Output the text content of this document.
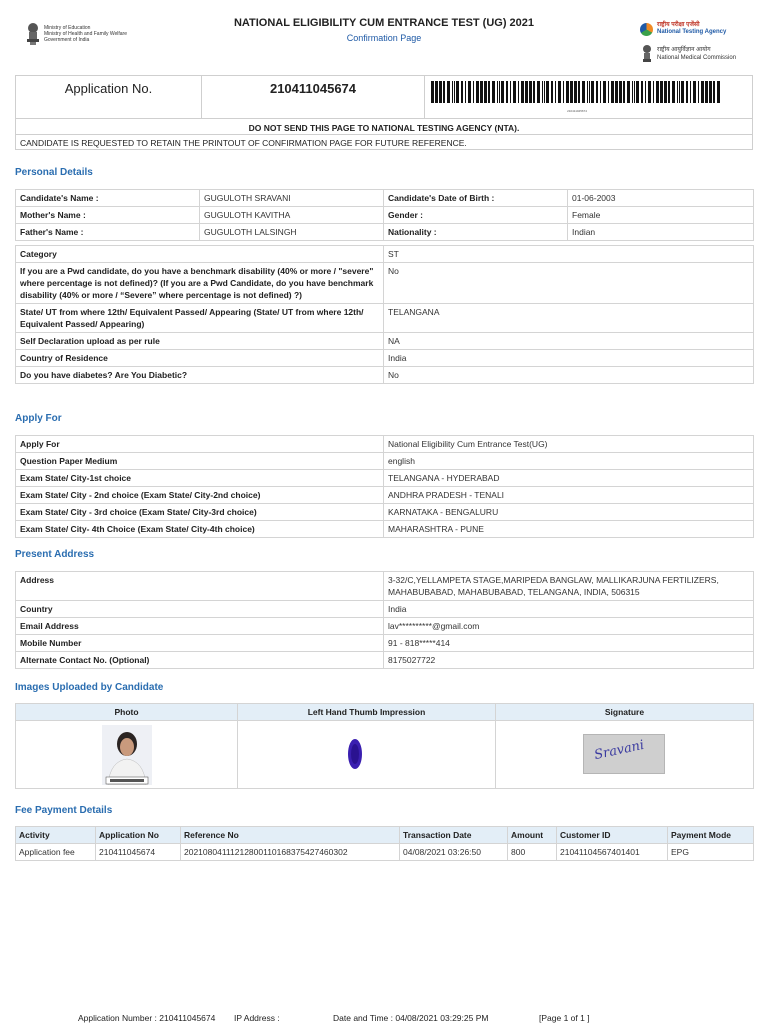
Ministry of Education
Ministry of Health and Family Welfare
Government of India
NATIONAL ELIGIBILITY CUM ENTRANCE TEST (UG) 2021
Confirmation Page
राष्ट्रीय परीक्षा एजेंसी
National Testing Agency
राष्ट्रीय आयुर्विज्ञान आयोग
National Medical Commission
Application No.	210411045674
210411045674
DO NOT SEND THIS PAGE TO NATIONAL TESTING AGENCY (NTA).
CANDIDATE IS REQUESTED TO RETAIN THE PRINTOUT OF CONFIRMATION PAGE FOR FUTURE REFERENCE.
Personal Details
Candidate's Name :	GUGULOTH SRAVANI	Candidate's Date of Birth :	01-06-2003
Mother's Name :	GUGULOTH KAVITHA	Gender :	Female
Father's Name :	GUGULOTH LALSINGH	Nationality :	Indian
Category	ST
If you are a Pwd candidate, do you have a benchmark disability (40% or more / "severe" where percentage is not defined)? (If you are a Pwd Candidate, do you have benchmark disability (40% or more / “Severe” where percentage is not defined) ?)	No
State/ UT from where 12th/ Equivalent Passed/ Appearing (State/ UT from where 12th/ Equivalent Passed/ Appearing)	TELANGANA
Self Declaration upload as per rule	NA
Country of Residence	India
Do you have diabetes? Are You Diabetic?	No
Apply For
Apply For	National Eligibility Cum Entrance Test(UG)
Question Paper Medium	english
Exam State/ City-1st choice	TELANGANA - HYDERABAD
Exam State/ City - 2nd choice (Exam State/ City-2nd choice)	ANDHRA PRADESH - TENALI
Exam State/ City - 3rd choice (Exam State/ City-3rd choice)	KARNATAKA - BENGALURU
Exam State/ City- 4th Choice (Exam State/ City-4th choice)	MAHARASHTRA - PUNE
Present Address
Address	3-32/C,YELLAMPETA STAGE,MARIPEDA BANGLAW, MALLIKARJUNA FERTILIZERS, MAHABUBABAD, MAHABUBABAD, TELANGANA, INDIA, 506315
Country	India
Email Address	lav**********@gmail.com
Mobile Number	91 - 818*****414
Alternate Contact No. (Optional)	8175027722
Images Uploaded by Candidate
Photo	Left Hand Thumb Impression	Signature

Sravani
Fee Payment Details
Activity	Application No	Reference No	Transaction Date	Amount	Customer ID	Payment Mode
Application fee	210411045674	20210804111212800110168375427460302	04/08/2021 03:26:50	800	21041104567401401	EPG
Application Number : 210411045674 IP Address :	Date and Time : 04/08/2021 03:29:25 PM	[Page 1 of 1 ]
